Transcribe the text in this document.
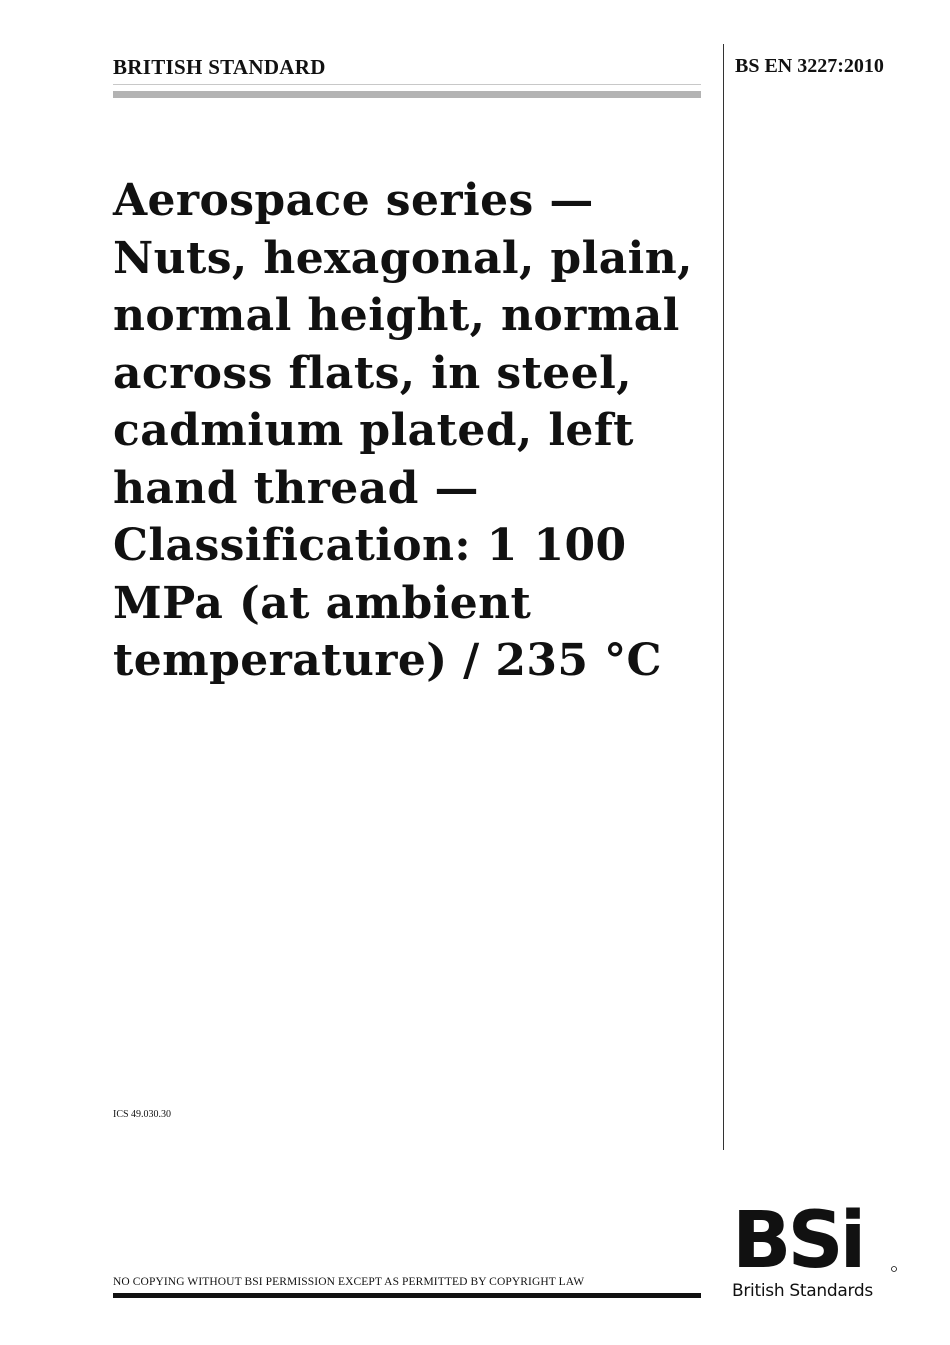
BRITISH STANDARD	BS EN 3227:2010
Aerospace series — Nuts, hexagonal, plain, normal height, normal across flats, in steel, cadmium plated, left hand thread — Classification: 1 100 MPa (at ambient temperature) / 235 °C
ICS 49.030.30
NO COPYING WITHOUT BSI PERMISSION EXCEPT AS PERMITTED BY COPYRIGHT LAW BSi
British Standards
